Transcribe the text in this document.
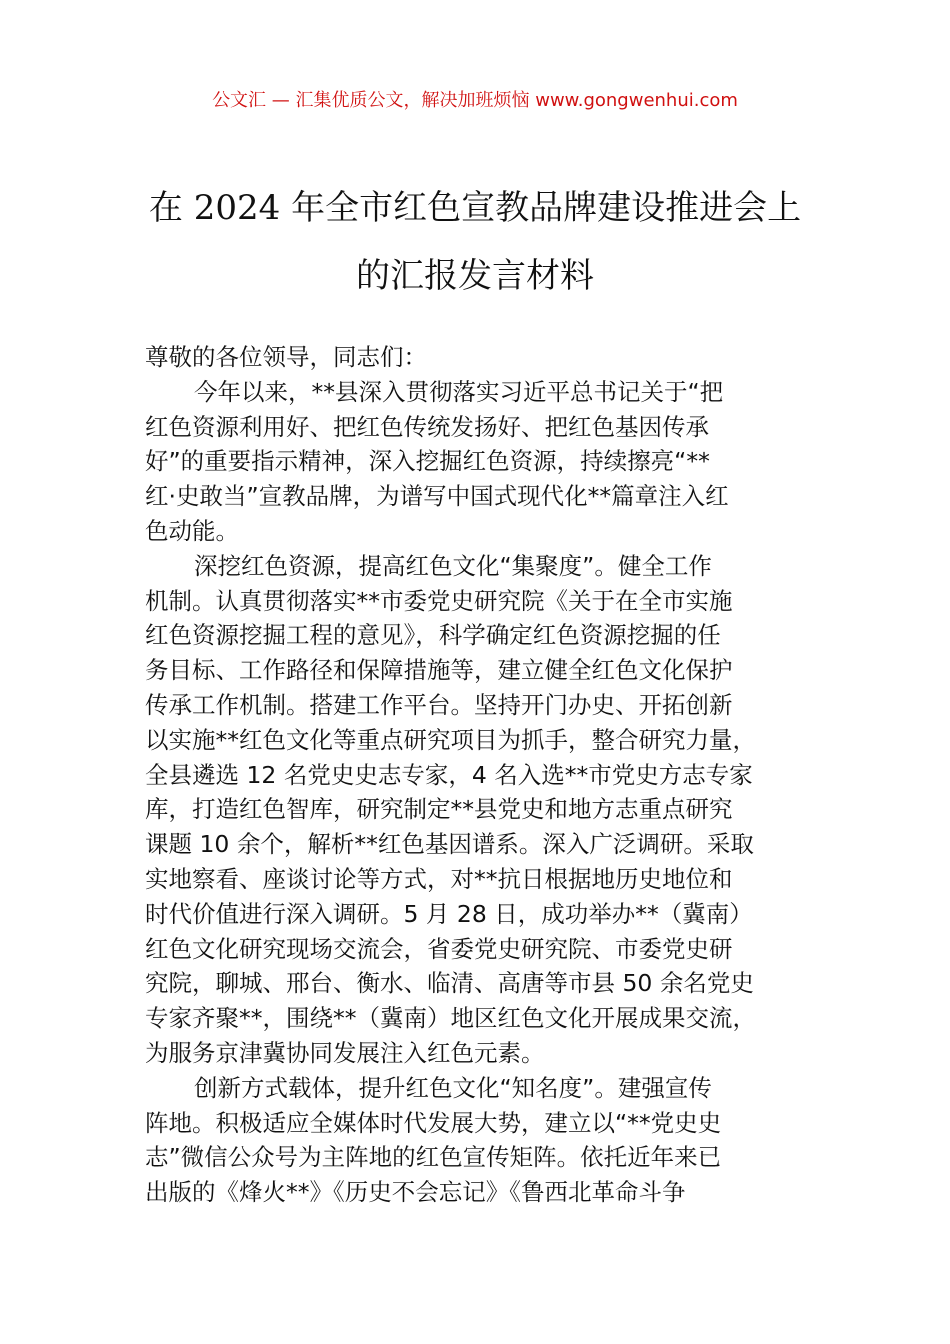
公文汇 — 汇集优质公文，解决加班烦恼 www.gongwenhui.com
在 2024 年全市红色宣教品牌建设推进会上
的汇报发言材料
尊敬的各位领导，同志们：
今年以来，**县深入贯彻落实习近平总书记关于“把
红色资源利用好、把红色传统发扬好、把红色基因传承
好”的重要指示精神，深入挖掘红色资源，持续擦亮“**
红·史敢当”宣教品牌，为谱写中国式现代化**篇章注入红
色动能。
深挖红色资源，提高红色文化“集聚度”。健全工作
机制。认真贯彻落实**市委党史研究院《关于在全市实施
红色资源挖掘工程的意见》，科学确定红色资源挖掘的任
务目标、工作路径和保障措施等，建立健全红色文化保护
传承工作机制。搭建工作平台。坚持开门办史、开拓创新
以实施**红色文化等重点研究项目为抓手，整合研究力量，
全县遴选 12 名党史史志专家，4 名入选**市党史方志专家
库，打造红色智库，研究制定**县党史和地方志重点研究
课题 10 余个，解析**红色基因谱系。深入广泛调研。采取
实地察看、座谈讨论等方式，对**抗日根据地历史地位和
时代价值进行深入调研。5 月 28 日，成功举办**（冀南）
红色文化研究现场交流会，省委党史研究院、市委党史研
究院，聊城、邢台、衡水、临清、高唐等市县 50 余名党史
专家齐聚**，围绕**（冀南）地区红色文化开展成果交流，
为服务京津冀协同发展注入红色元素。
创新方式载体，提升红色文化“知名度”。建强宣传
阵地。积极适应全媒体时代发展大势，建立以“**党史史
志”微信公众号为主阵地的红色宣传矩阵。依托近年来已
出版的《烽火**》《历史不会忘记》《鲁西北革命斗争
